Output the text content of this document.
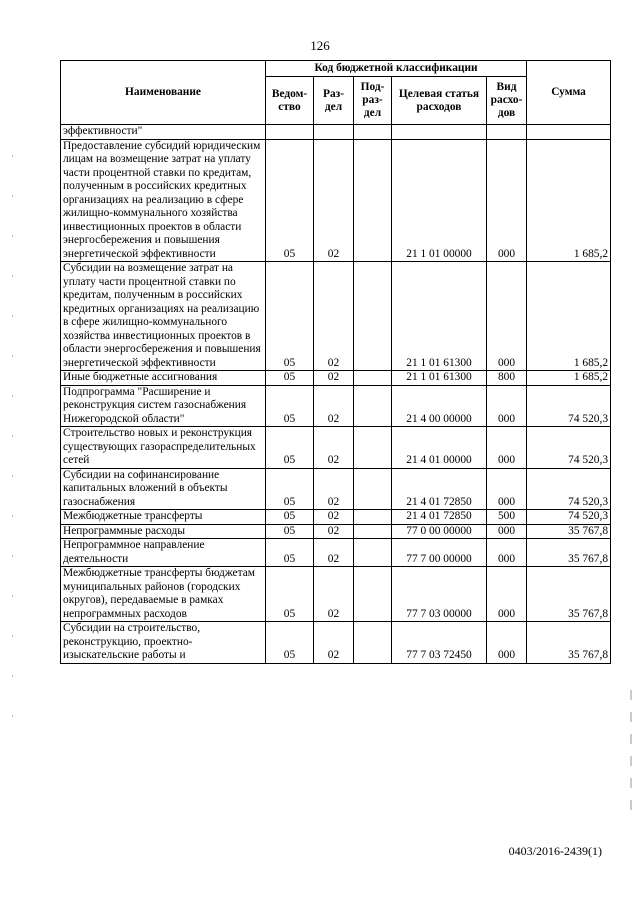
126
Наименование	Код бюджетной классификации					Сумма
	Ведом-ство	Раз-дел	Под-раз-дел	Целевая статья расходов	Вид расхо-дов	
эффективности"						
Предоставление субсидий юридическим лицам на возмещение затрат на уплату части процентной ставки по кредитам, полученным в российских кредитных организациях на реализацию в сфере жилищно-коммунального хозяйства инвестиционных проектов в области энергосбережения и повышения энергетической эффективности	05	02		21 1 01 00000	000	1 685,2
Субсидии на возмещение затрат на уплату части процентной ставки по кредитам, полученным в российских кредитных организациях на реализацию в сфере жилищно-коммунального хозяйства инвестиционных проектов в области энергосбережения и повышения энергетической эффективности	05	02		21 1 01 61300	000	1 685,2
Иные бюджетные ассигнования	05	02		21 1 01 61300	800	1 685,2
Подпрограмма "Расширение и реконструкция систем газоснабжения Нижегородской области"	05	02		21 4 00 00000	000	74 520,3
Строительство новых и реконструкция существующих газораспределительных сетей	05	02		21 4 01 00000	000	74 520,3
Субсидии на софинансирование капитальных вложений в объекты газоснабжения	05	02		21 4 01 72850	000	74 520,3
Межбюджетные трансферты	05	02		21 4 01 72850	500	74 520,3
Непрограммные расходы	05	02		77 0 00 00000	000	35 767,8
Непрограммное направление деятельности	05	02		77 7 00 00000	000	35 767,8
Межбюджетные трансферты бюджетам муниципальных районов (городских округов), передаваемые в рамках непрограммных расходов	05	02		77 7 03 00000	000	35 767,8
Субсидии на строительство, реконструкцию, проектно-изыскательские работы и	05	02		77 7 03 72450	000	35 767,8
0403/2016-2439(1)
